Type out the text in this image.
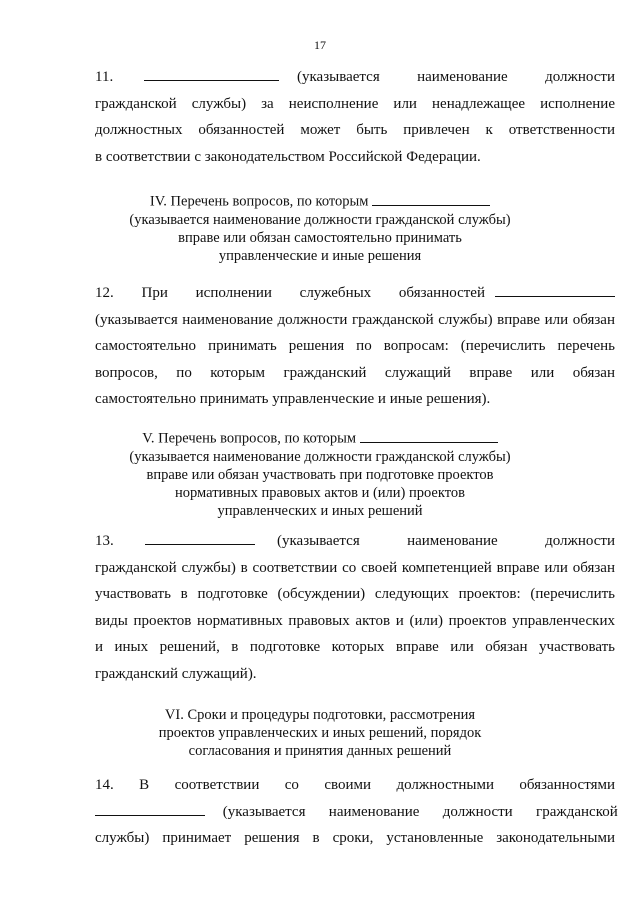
17
11.	(указывается наименование должности
гражданской службы) за неисполнение или ненадлежащее исполнение
должностных обязанностей может быть привлечен к ответственности
в соответствии с законодательством Российской Федерации.
IV. Перечень вопросов, по которым
(указывается наименование должности гражданской службы)
вправе или обязан самостоятельно принимать
управленческие и иные решения
12. При исполнении служебных обязанностей
(указывается наименование должности гражданской службы) вправе или обязан
самостоятельно принимать решения по вопросам: (перечислить перечень
вопросов, по которым гражданский служащий вправе или обязан
самостоятельно принимать управленческие и иные решения).
V. Перечень вопросов, по которым
(указывается наименование должности гражданской службы)
вправе или обязан участвовать при подготовке проектов
нормативных правовых актов и (или) проектов
управленческих и иных решений
13.	(указывается наименование должности
гражданской службы) в соответствии со своей компетенцией вправе или обязан
участвовать в подготовке (обсуждении) следующих проектов: (перечислить
виды проектов нормативных правовых актов и (или) проектов управленческих
и иных решений, в подготовке которых вправе или обязан участвовать
гражданский служащий).
VI. Сроки и процедуры подготовки, рассмотрения
проектов управленческих и иных решений, порядок
согласования и принятия данных решений
14. В соответствии со своими должностными обязанностями
(указывается наименование должности гражданской
службы) принимает решения в сроки, установленные законодательными
